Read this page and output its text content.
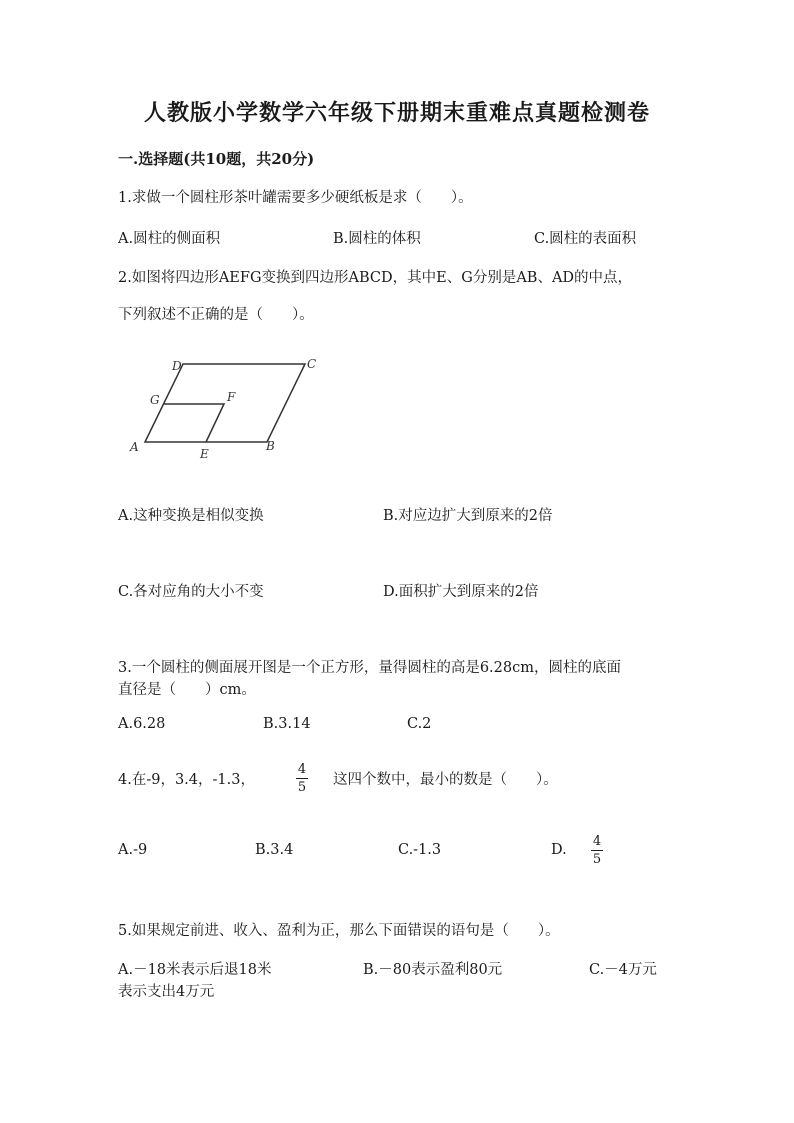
人教版小学数学六年级下册期末重难点真题检测卷
一.选择题(共10题，共20分)
1.求做一个圆柱形茶叶罐需要多少硬纸板是求（　　）。
A.圆柱的侧面积	B.圆柱的体积	C.圆柱的表面积
2.如图将四边形AEFG变换到四边形ABCD，其中E、G分别是AB、AD的中点，
下列叙述不正确的是（　　）。
A	E
B
C
D
G	F
A.这种变换是相似变换	B.对应边扩大到原来的2倍
C.各对应角的大小不变	D.面积扩大到原来的2倍
3.一个圆柱的侧面展开图是一个正方形，量得圆柱的高是6.28cm，圆柱的底面
直径是（　　）cm。
A.6.28	B.3.14	C.2
4.在-9，3.4，-1.3，
4
5 这四个数中，最小的数是（　　）。
A.-9	B.3.4	C.-1.3	D.
4
5
5.如果规定前进、收入、盈利为正，那么下面错误的语句是（　　）。
A.－18米表示后退18米	B.－80表示盈利80元	C.－4万元
表示支出4万元
